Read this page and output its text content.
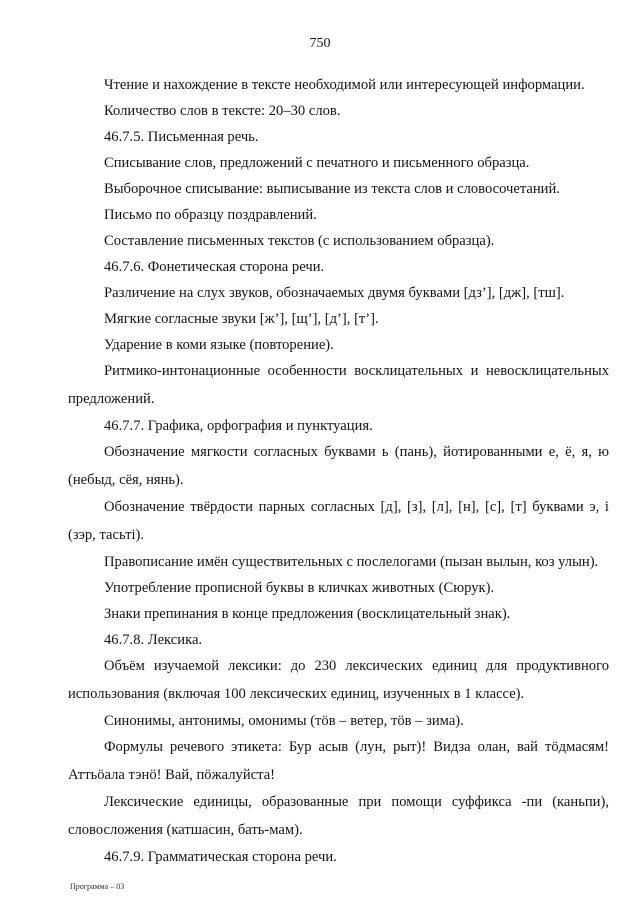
750

Чтение и нахождение в тексте необходимой или интересующей информации.

Количество слов в тексте: 20–30 слов.

46.7.5. Письменная речь.

Списывание слов, предложений с печатного и письменного образца.

Выборочное списывание: выписывание из текста слов и словосочетаний.

Письмо по образцу поздравлений.

Составление письменных текстов (с использованием образца).

46.7.6. Фонетическая сторона речи.

Различение на слух звуков, обозначаемых двумя буквами [дз’], [дж], [тш].

Мягкие согласные звуки [ж’], [щ’], [д’], [т’].

Ударение в коми языке (повторение).

Ритмико-интонационные особенности восклицательных и невосклицательных предложений.

46.7.7. Графика, орфография и пунктуация.

Обозначение мягкости согласных буквами ь (пань), йотированными е, ё, я, ю (небыд, сёя, нянь).

Обозначение твёрдости парных согласных [д], [з], [л], [н], [с], [т] буквами э, і (зэр, тасьті).

Правописание имён существительных с послелогами (пызан вылын, коз улын).

Употребление прописной буквы в кличках животных (Сюрук).

Знаки препинания в конце предложения (восклицательный знак).

46.7.8. Лексика.

Объём изучаемой лексики: до 230 лексических единиц для продуктивного использования (включая 100 лексических единиц, изученных в 1 классе).

Синонимы, антонимы, омонимы (тӧв – ветер, тӧв – зима).

Формулы речевого этикета: Бур асыв (лун, рыт)! Видза олан, вай тӧдмасям! Аттьӧала тэнӧ! Вай, пӧжалуйста!

Лексические единицы, образованные при помощи суффикса -пи (каньпи), словосложения (катшасин, бать-мам).

46.7.9. Грамматическая сторона речи.

Программа – 03
